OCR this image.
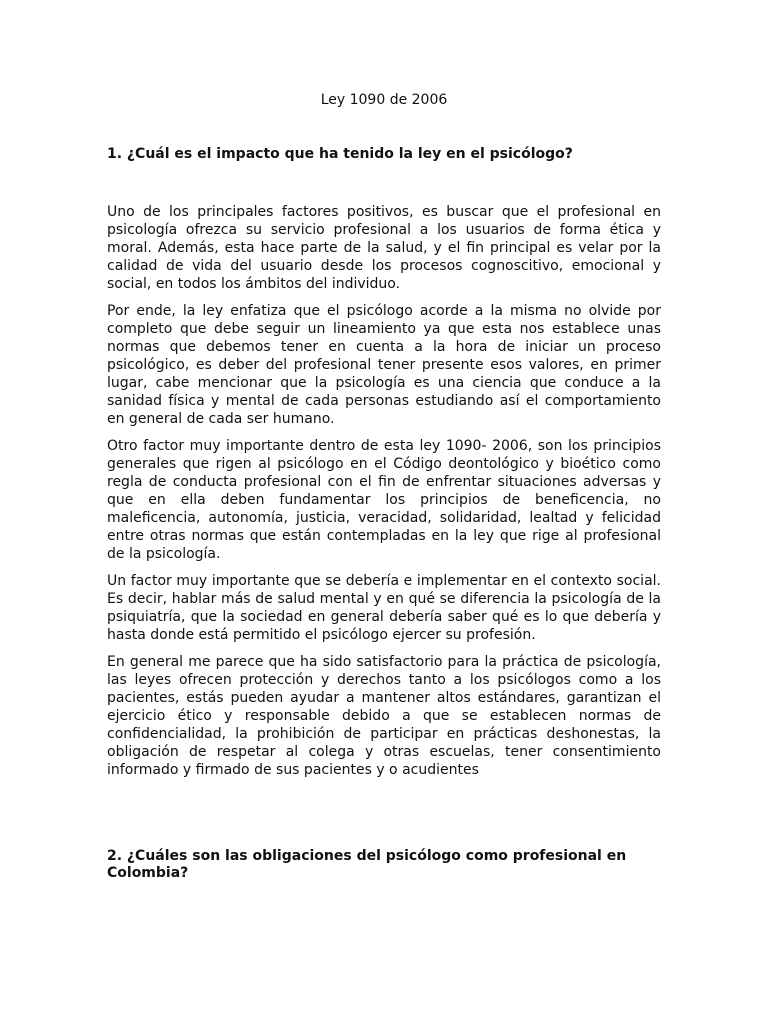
Ley 1090 de 2006
1. ¿Cuál es el impacto que ha tenido la ley en el psicólogo?

Uno de los principales factores positivos, es buscar que el profesional en psicología ofrezca su servicio profesional a los usuarios de forma ética y moral. Además, esta hace parte de la salud, y el fin principal es velar por la calidad de vida del usuario desde los procesos cognoscitivo, emocional y social, en todos los ámbitos del individuo.

Por ende, la ley enfatiza que el psicólogo acorde a la misma no olvide por completo que debe seguir un lineamiento ya que esta nos establece unas normas que debemos tener en cuenta a la hora de iniciar un proceso psicológico, es deber del profesional tener presente esos valores, en primer lugar, cabe mencionar que la psicología es una ciencia que conduce a la sanidad física y mental de cada personas estudiando así el comportamiento en general de cada ser humano.

Otro factor muy importante dentro de esta ley 1090- 2006, son los principios generales que rigen al psicólogo en el Código deontológico y bioético como regla de conducta profesional con el fin de enfrentar situaciones adversas y que en ella deben fundamentar los principios de beneficencia, no maleficencia, autonomía, justicia, veracidad, solidaridad, lealtad y felicidad entre otras normas que están contempladas en la ley que rige al profesional de la psicología.

Un factor muy importante que se debería e implementar en el contexto social. Es decir, hablar más de salud mental y en qué se diferencia la psicología de la psiquiatría, que la sociedad en general debería saber qué es lo que debería y hasta donde está permitido el psicólogo ejercer su profesión.

En general me parece que ha sido satisfactorio para la práctica de psicología, las leyes ofrecen protección y derechos tanto a los psicólogos como a los pacientes, estás pueden ayudar a mantener altos estándares, garantizan el ejercicio ético y responsable debido a que se establecen normas de confidencialidad, la prohibición de participar en prácticas deshonestas, la obligación de respetar al colega y otras escuelas, tener consentimiento informado y firmado de sus pacientes y o acudientes

2. ¿Cuáles son las obligaciones del psicólogo como profesional en Colombia?
